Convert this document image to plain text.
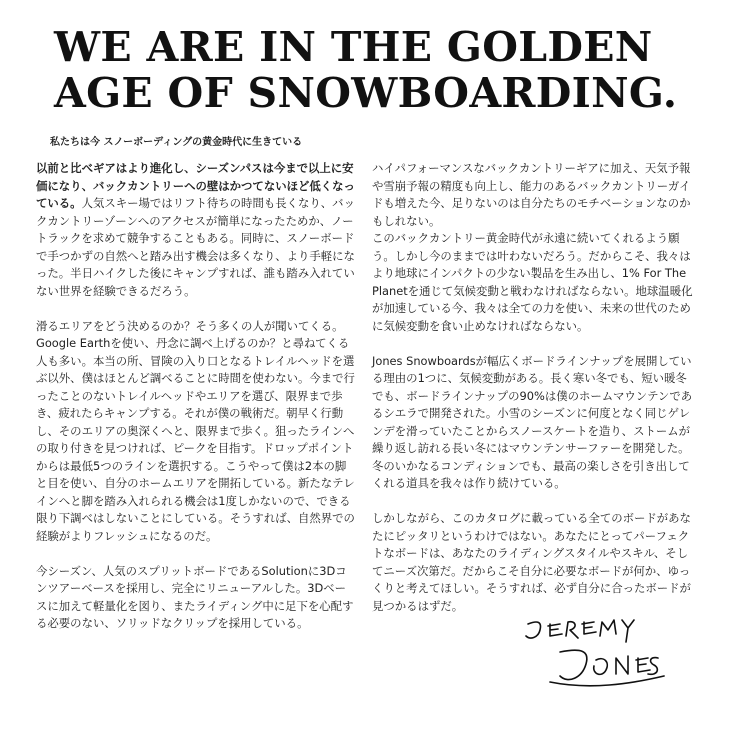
WE ARE IN THE GOLDEN
AGE OF SNOWBOARDING.

私たちは今 スノーボーディングの黄金時代に生きている

以前と比べギアはより進化し、シーズンパスは今まで以上に安価になり、バックカントリーへの壁はかつてないほど低くなっている。人気スキー場ではリフト待ちの時間も長くなり、バックカントリーゾーンへのアクセスが簡単になったためか、ノートラックを求めて競争することもある。同時に、スノーボードで手つかずの自然へと踏み出す機会は多くなり、より手軽になった。半日ハイクした後にキャンプすれば、誰も踏み入れていない世界を経験できるだろう。

滑るエリアをどう決めるのか？そう多くの人が聞いてくる。Google Earthを使い、丹念に調べ上げるのか？と尋ねてくる人も多い。本当の所、冒険の入り口となるトレイルヘッドを選ぶ以外、僕はほとんど調べることに時間を使わない。今まで行ったことのないトレイルヘッドやエリアを選び、限界まで歩き、疲れたらキャンプする。それが僕の戦術だ。朝早く行動し、そのエリアの奥深くへと、限界まで歩く。狙ったラインへの取り付きを見つければ、ピークを目指す。ドロップポイントからは最低5つのラインを選択する。こうやって僕は2本の脚と目を使い、自分のホームエリアを開拓している。新たなテレインへと脚を踏み入れられる機会は1度しかないので、できる限り下調べはしないことにしている。そうすれば、自然界での経験がよりフレッシュになるのだ。

今シーズン、人気のスプリットボードであるSolutionに3Dコンツアーベースを採用し、完全にリニューアルした。3Dベースに加えて軽量化を図り、またライディング中に足下を心配する必要のない、ソリッドなクリップを採用している。

ハイパフォーマンスなバックカントリーギアに加え、天気予報や雪崩予報の精度も向上し、能力のあるバックカントリーガイドも増えた今、足りないのは自分たちのモチベーションなのかもしれない。

このバックカントリー黄金時代が永遠に続いてくれるよう願う。しかし今のままでは叶わないだろう。だからこそ、我々はより地球にインパクトの少ない製品を生み出し、1% For The Planetを通じて気候変動と戦わなければならない。地球温暖化が加速している今、我々は全ての力を使い、未来の世代のために気候変動を食い止めなければならない。

Jones Snowboardsが幅広くボードラインナップを展開している理由の1つに、気候変動がある。長く寒い冬でも、短い暖冬でも、ボードラインナップの90%は僕のホームマウンテンであるシエラで開発された。小雪のシーズンに何度となく同じゲレンデを滑っていたことからスノースケートを造り、ストームが繰り返し訪れる長い冬にはマウンテンサーファーを開発した。冬のいかなるコンディションでも、最高の楽しさを引き出してくれる道具を我々は作り続けている。

しかしながら、このカタログに載っている全てのボードがあなたにピッタリというわけではない。あなたにとってパーフェクトなボードは、あなたのライディングスタイルやスキル、そしてニーズ次第だ。だからこそ自分に必要なボードが何か、ゆっくりと考えてほしい。そうすれば、必ず自分に合ったボードが見つかるはずだ。
